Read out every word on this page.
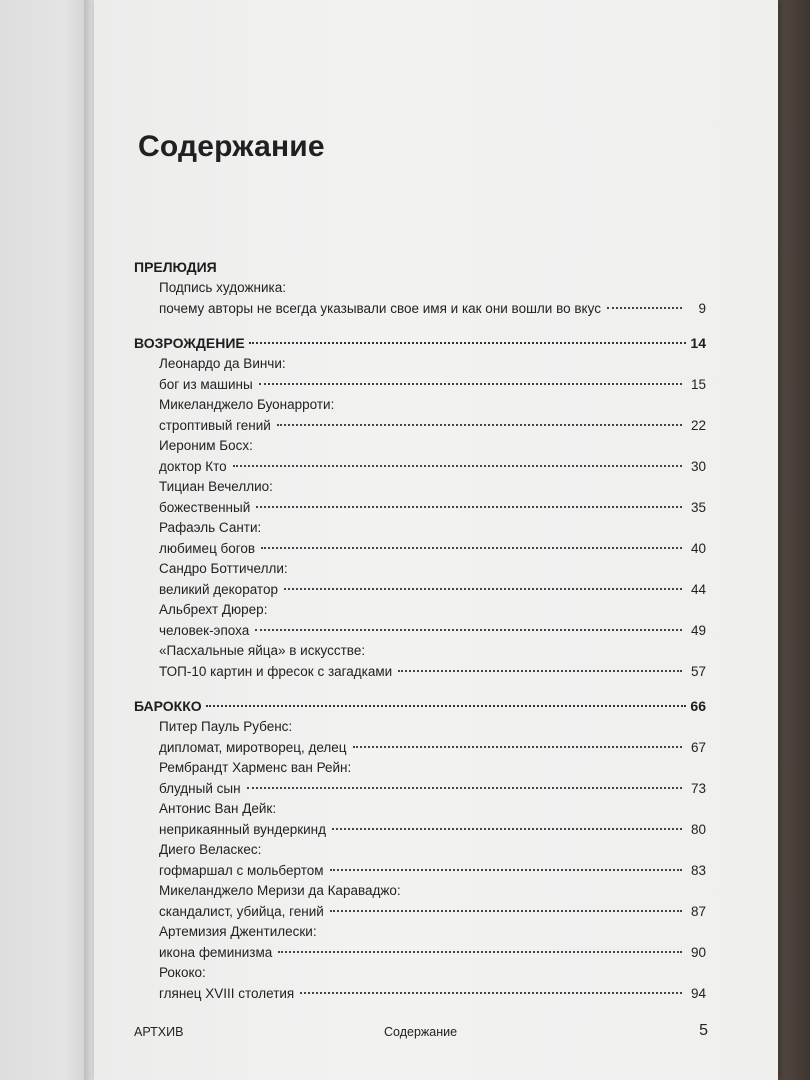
Содержание
ПРЕЛЮДИЯ
Подпись художника:
почему авторы не всегда указывали свое имя и как они вошли во вкус	9
ВОЗРОЖДЕНИЕ	14
Леонардо да Винчи:
бог из машины	15
Микеланджело Буонарроти:
строптивый гений	22
Иероним Босх:
доктор Кто	30
Тициан Вечеллио:
божественный	35
Рафаэль Санти:
любимец богов	40
Сандро Боттичелли:
великий декоратор	44
Альбрехт Дюрер:
человек-эпоха	49
«Пасхальные яйца» в искусстве:
ТОП-10 картин и фресок с загадками	57
БАРОККО	66
Питер Пауль Рубенс:
дипломат, миротворец, делец	67
Рембрандт Харменс ван Рейн:
блудный сын	73
Антонис Ван Дейк:
неприкаянный вундеркинд	80
Диего Веласкес:
гофмаршал с мольбертом	83
Микеланджело Меризи да Караваджо:
скандалист, убийца, гений	87
Артемизия Джентилески:
икона феминизма	90
Рококо:
глянец XVIII столетия	94
АРТХИВ	Содержание	5
